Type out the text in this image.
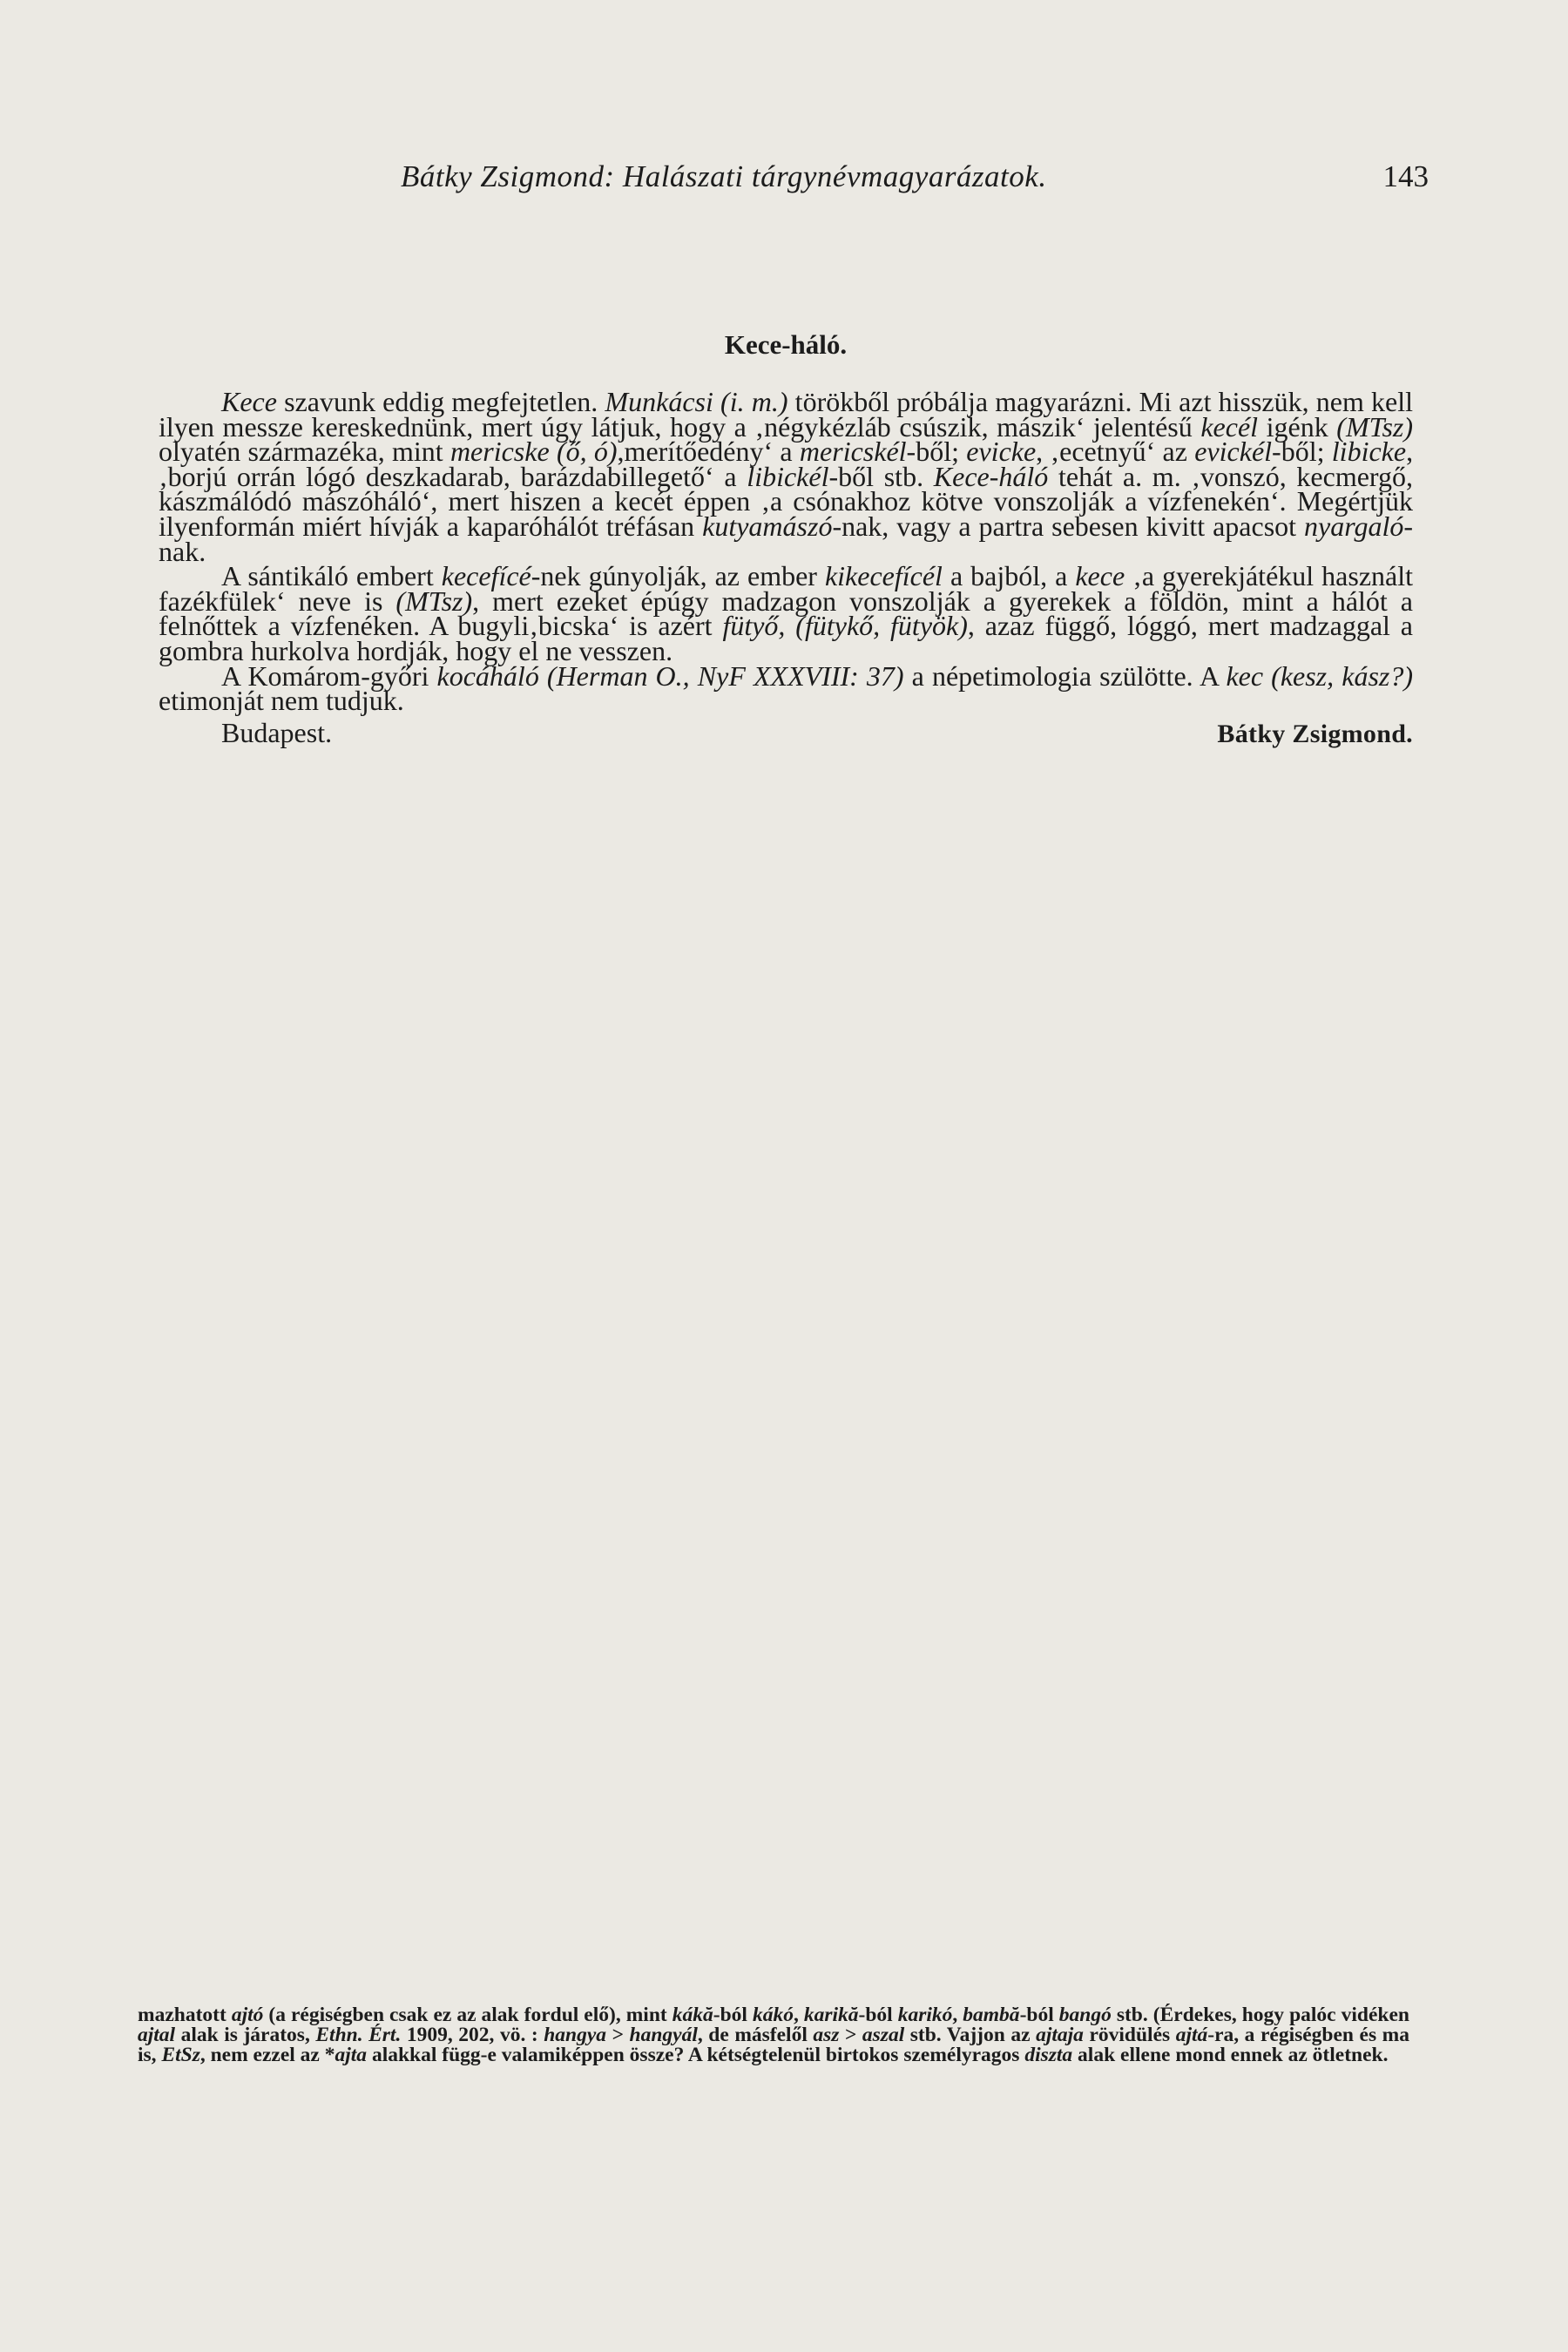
Bátky Zsigmond: Halászati tárgynévmagyarázatok.	143
Kece-háló.

Kece szavunk eddig megfejtetlen. Munkácsi (i. m.) törökből próbálja magyarázni. Mi azt hisszük, nem kell ilyen messze kereskednünk, mert úgy látjuk, hogy a ‚négykézláb csúszik, mászik‘ jelentésű kecél igénk (MTsz) olyatén származéka, mint mericske (ő, ó),merítőedény‘ a mericskél-ből; evicke, ‚ecetnyű‘ az evickél-ből; libicke, ‚borjú orrán lógó deszkadarab, barázdabillegető‘ a libickél-ből stb. Kece-háló tehát a. m. ‚vonszó, kecmergő, kászmálódó mászóháló‘, mert hiszen a kecét éppen ‚a csónakhoz kötve vonszolják a vízfenekén‘. Megértjük ilyenformán miért hívják a kaparóhálót tréfásan kutyamászó-nak, vagy a partra sebesen kivitt apacsot nyargaló-nak.

A sántikáló embert kecefícé-nek gúnyolják, az ember kikecefícél a bajból, a kece ‚a gyerekjátékul használt fazékfülek‘ neve is (MTsz), mert ezeket épúgy madzagon vonszolják a gyerekek a földön, mint a hálót a felnőttek a vízfenéken. A bugyli‚bicska‘ is azért fütyő, (fütykő, fütyök), azaz függő, lóggó, mert madzaggal a gombra hurkolva hordják, hogy el ne vesszen.

A Komárom-győri kocáháló (Herman O., NyF XXXVIII: 37) a népetimologia szülötte. A kec (kesz, kász?) etimonját nem tudjuk.

Budapest.	Bátky Zsigmond.
mazhatott ajtó (a régiségben csak ez az alak fordul elő), mint kákă-ból kákó, karikă-ból karikó, bambă-ból bangó stb. (Érdekes, hogy palóc vidéken ajtal alak is járatos, Ethn. Ért. 1909, 202, vö. : hangya > hangyál, de másfelől asz > aszal stb. Vajjon az ajtaja rövidülés ajtá-ra, a régiségben és ma is, EtSz, nem ezzel az *ajta alakkal függ-e valamiképpen össze? A kétségtelenül birtokos személyragos diszta alak ellene mond ennek az ötletnek.
